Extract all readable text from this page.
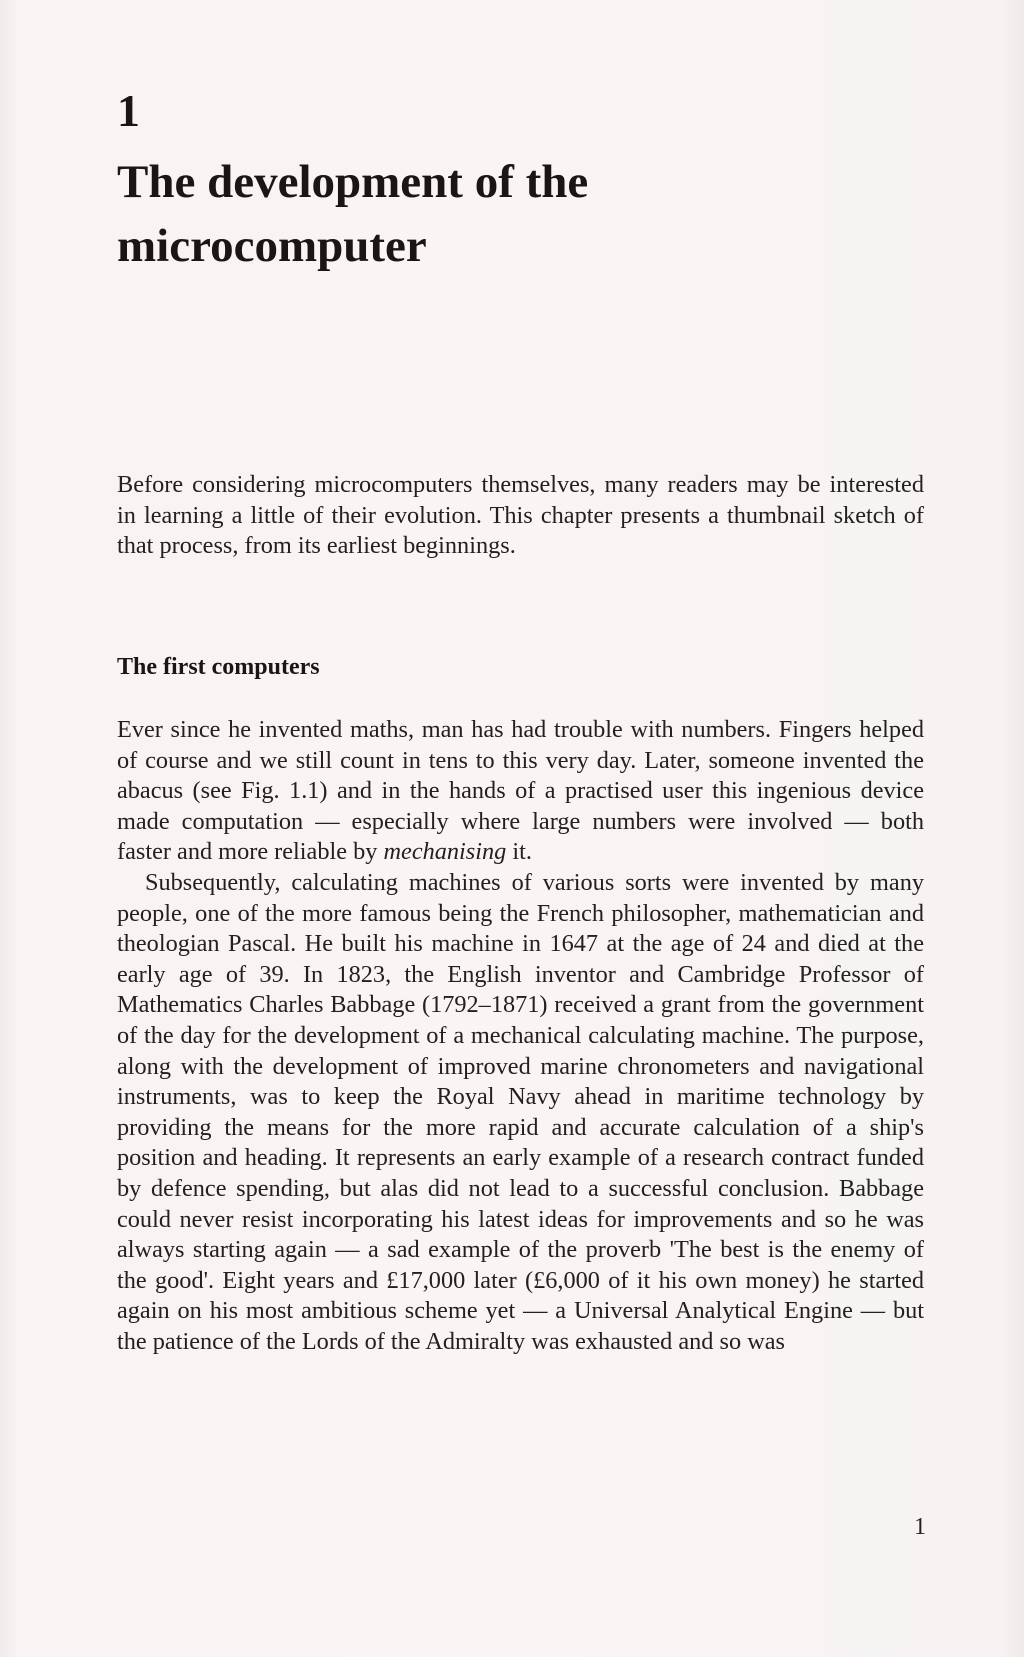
1
The development of the microcomputer

Before considering microcomputers themselves, many readers may be interested in learning a little of their evolution. This chapter presents a thumbnail sketch of that process, from its earliest beginnings.

The first computers

Ever since he invented maths, man has had trouble with numbers. Fingers helped of course and we still count in tens to this very day. Later, someone invented the abacus (see Fig. 1.1) and in the hands of a practised user this ingenious device made computation — especially where large numbers were involved — both faster and more reliable by mechanising it.

Subsequently, calculating machines of various sorts were invented by many people, one of the more famous being the French philosopher, mathematician and theologian Pascal. He built his machine in 1647 at the age of 24 and died at the early age of 39. In 1823, the English inventor and Cambridge Professor of Mathematics Charles Babbage (1792–1871) received a grant from the government of the day for the development of a mechanical calculating machine. The purpose, along with the development of improved marine chronometers and navigational instruments, was to keep the Royal Navy ahead in maritime technology by providing the means for the more rapid and accurate calculation of a ship's position and heading. It represents an early example of a research contract funded by defence spending, but alas did not lead to a successful conclusion. Babbage could never resist incorporating his latest ideas for improvements and so he was always starting again — a sad example of the proverb 'The best is the enemy of the good'. Eight years and £17,000 later (£6,000 of it his own money) he started again on his most ambitious scheme yet — a Universal Analytical Engine — but the patience of the Lords of the Admiralty was exhausted and so was

1
